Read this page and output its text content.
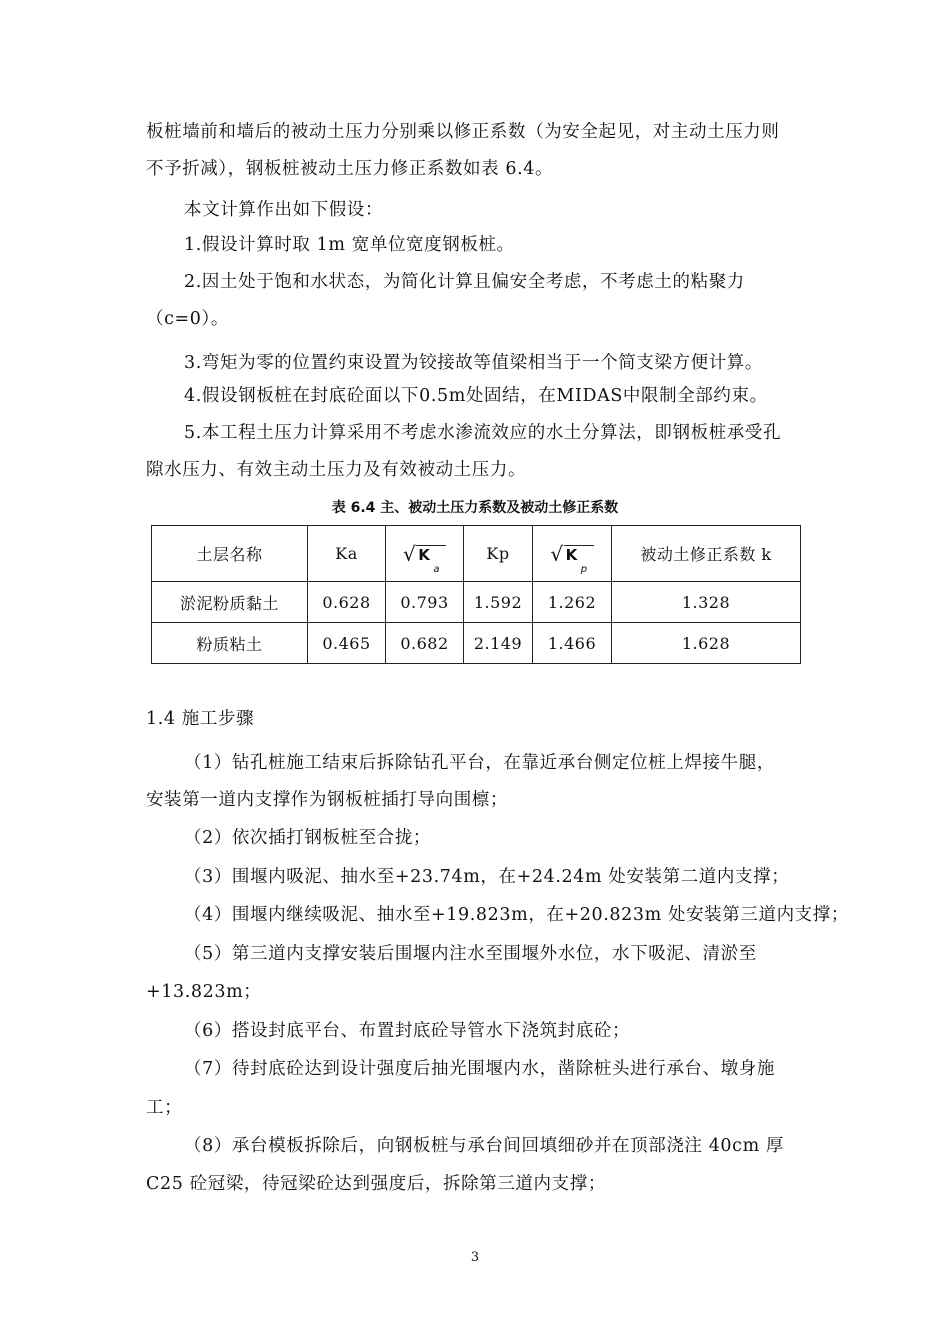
板桩墙前和墙后的被动土压力分别乘以修正系数（为安全起见，对主动土压力则
不予折减），钢板桩被动土压力修正系数如表 6.4。
本文计算作出如下假设：
1.假设计算时取 1m 宽单位宽度钢板桩。
2.因土处于饱和水状态，为简化计算且偏安全考虑，不考虑土的粘聚力
（c=0）。
3.弯矩为零的位置约束设置为铰接故等值梁相当于一个简支梁方便计算。
4.假设钢板桩在封底砼面以下0.5m处固结，在MIDAS中限制全部约束。
5.本工程土压力计算采用不考虑水渗流效应的水土分算法，即钢板桩承受孔
隙水压力、有效主动土压力及有效被动土压力。
表 6.4 主、被动土压力系数及被动土修正系数
土层名称	Ka	√ $K_a$	Kp	√ $K_p$	被动土修正系数 k
淤泥粉质黏土	0.628	0.793	1.592	1.262	1.328
粉质粘土	0.465	0.682	2.149	1.466	1.628
1.4 施工步骤
（1）钻孔桩施工结束后拆除钻孔平台，在靠近承台侧定位桩上焊接牛腿，
安装第一道内支撑作为钢板桩插打导向围檩；
（2）依次插打钢板桩至合拢；
（3）围堰内吸泥、抽水至+23.74m，在+24.24m 处安装第二道内支撑；
（4）围堰内继续吸泥、抽水至+19.823m，在+20.823m 处安装第三道内支撑；
（5）第三道内支撑安装后围堰内注水至围堰外水位，水下吸泥、清淤至
+13.823m；
（6）搭设封底平台、布置封底砼导管水下浇筑封底砼；
（7）待封底砼达到设计强度后抽光围堰内水，凿除桩头进行承台、墩身施
工；
（8）承台模板拆除后，向钢板桩与承台间回填细砂并在顶部浇注 40cm 厚
C25 砼冠梁，待冠梁砼达到强度后，拆除第三道内支撑；
3
